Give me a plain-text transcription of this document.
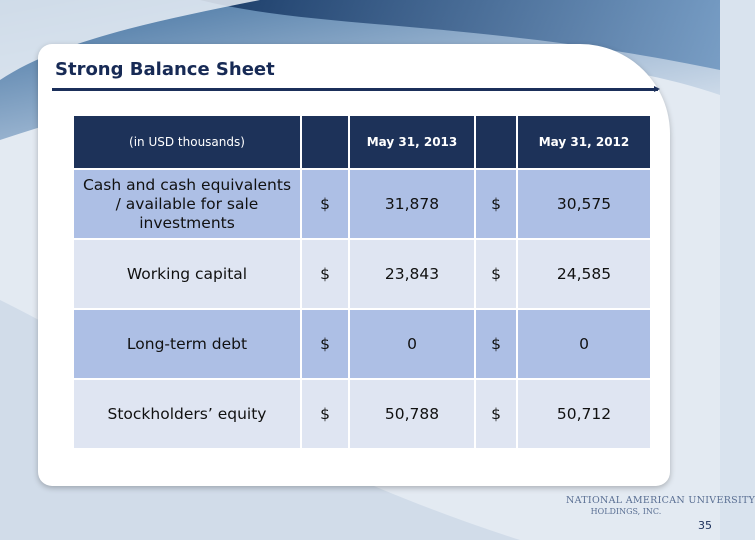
Strong Balance Sheet
(in USD thousands)		May 31, 2013		May 31, 2012
Cash and cash equivalents / available for sale investments	$	31,878	$	30,575
Working capital	$	23,843	$	24,585
Long-term debt	$	0	$	0
Stockholders’ equity	$	50,788	$	50,712
NATIONAL AMERICAN UNIVERSITY
HOLDINGS, INC.
35
